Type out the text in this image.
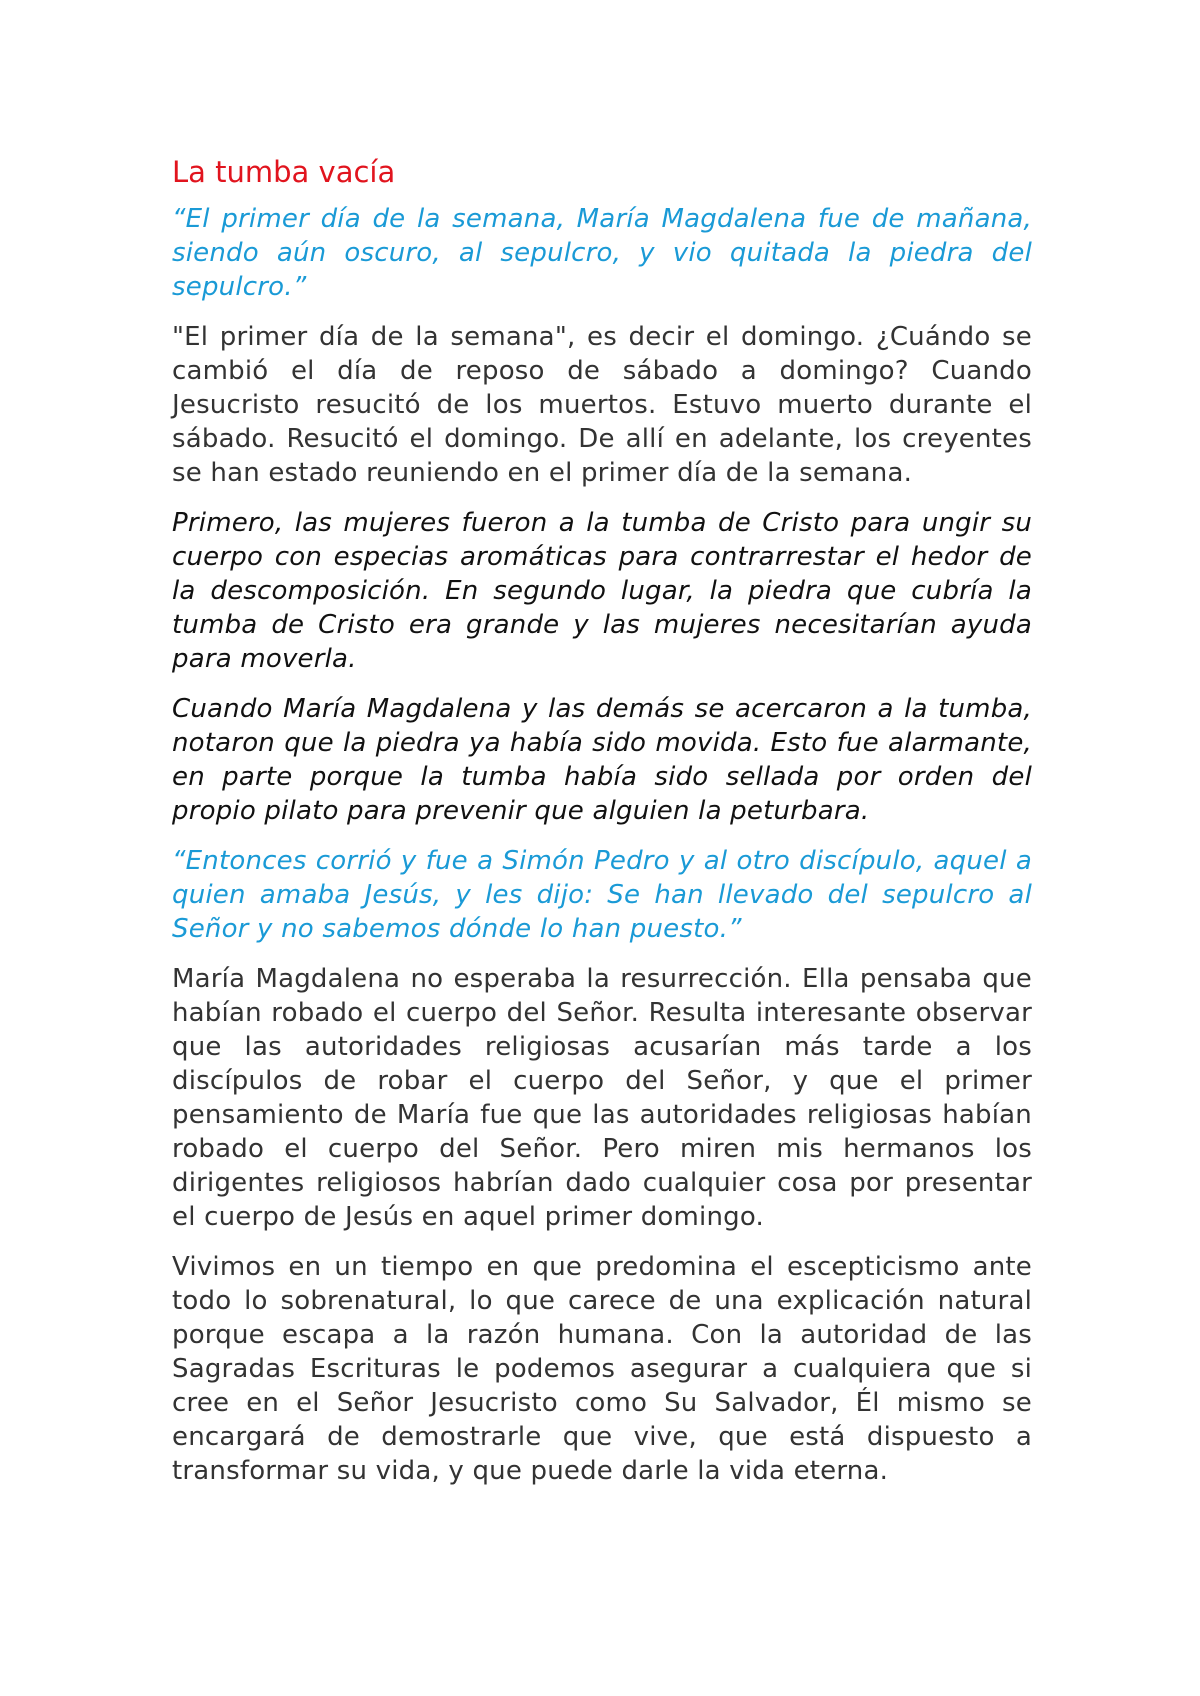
La tumba vacía

“El primer día de la semana, María Magdalena fue de mañana, siendo aún oscuro, al sepulcro, y vio quitada la piedra del sepulcro.”

"El primer día de la semana", es decir el domingo. ¿Cuándo se cambió el día de reposo de sábado a domingo? Cuando Jesucristo resucitó de los muertos. Estuvo muerto durante el sábado. Resucitó el domingo. De allí en adelante, los creyentes se han estado reuniendo en el primer día de la semana.

Primero, las mujeres fueron a la tumba de Cristo para ungir su cuerpo con especias aromáticas para contrarrestar el hedor de la descomposición. En segundo lugar, la piedra que cubría la tumba de Cristo era grande y las mujeres necesitarían ayuda para moverla.

Cuando María Magdalena y las demás se acercaron a la tumba, notaron que la piedra ya había sido movida. Esto fue alarmante, en parte porque la tumba había sido sellada por orden del propio pilato para prevenir que alguien la peturbara.

“Entonces corrió y fue a Simón Pedro y al otro discípulo, aquel a quien amaba Jesús, y les dijo: Se han llevado del sepulcro al Señor y no sabemos dónde lo han puesto.”

María Magdalena no esperaba la resurrección. Ella pensaba que habían robado el cuerpo del Señor. Resulta interesante observar que las autoridades religiosas acusarían más tarde a los discípulos de robar el cuerpo del Señor, y que el primer pensamiento de María fue que las autoridades religiosas habían robado el cuerpo del Señor. Pero miren mis hermanos los dirigentes religiosos habrían dado cualquier cosa por presentar el cuerpo de Jesús en aquel primer domingo.

Vivimos en un tiempo en que predomina el escepticismo ante todo lo sobrenatural, lo que carece de una explicación natural porque escapa a la razón humana. Con la autoridad de las Sagradas Escrituras le podemos asegurar a cualquiera que si cree en el Señor Jesucristo como Su Salvador, Él mismo se encargará de demostrarle que vive, que está dispuesto a transformar su vida, y que puede darle la vida eterna.
